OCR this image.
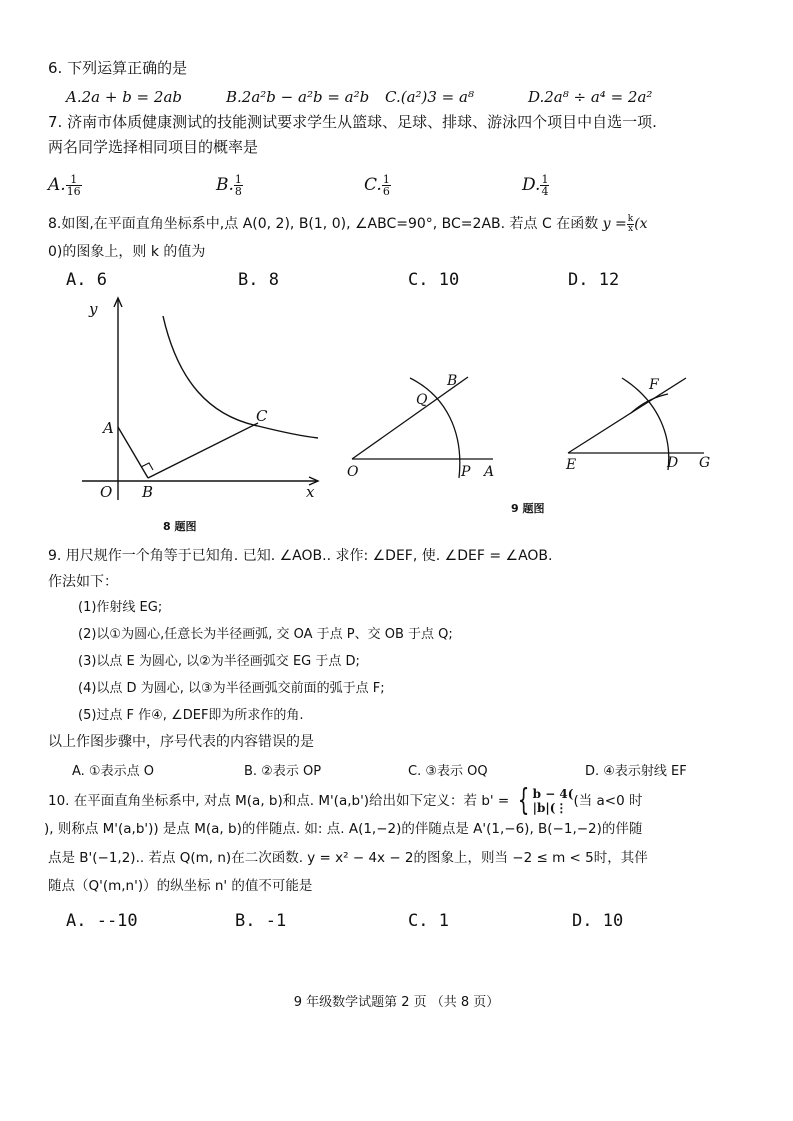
6. 下列运算正确的是
A.2a + b = 2ab	B.2a²b − a²b = a²b C.(a²)3 = a⁸	D.2a⁸ ÷ a⁴ = 2a²
7. 济南市体质健康测试的技能测试要求学生从篮球、足球、排球、游泳四个项目中自选一项.
两名同学选择相同项目的概率是
A. $\frac{1}{16}$	B. $\frac{1}{8}$	C. $\frac{1}{6}$	D. $\frac{1}{4}$
8.如图,在平面直角坐标系中,点 A(0, 2), B(1, 0), ∠ABC=90°, BC=2AB. 若点 C 在函数 $y = \frac{k}{x} (x$
0)的图象上，则 k 的值为
A. 6	B. 8	C. 10	D. 12
y
x
O
A
B
C
8 题图
O	P A
Q
B
E	D G
F
9 题图
9. 用尺规作一个角等于已知角. 已知. ∠AOB.. 求作: ∠DEF, 使. ∠DEF = ∠AOB.
作法如下：
(1)作射线 EG;
(2)以①为圆心,任意长为半径画弧, 交 OA 于点 P、交 OB 于点 Q;
(3)以点 E 为圆心, 以②为半径画弧交 EG 于点 D;
(4)以点 D 为圆心, 以③为半径画弧交前面的弧于点 F;
(5)过点 F 作④, ∠DEF即为所求作的角.
以上作图步骤中，序号代表的内容错误的是
A. ①表示点 O	B. ②表示 OP	C. ③表示 OQ	D. ④表示射线 EF
10. 在平面直角坐标系中, 对点 M(a, b)和点. M'(a,b')给出如下定义：若 b' = { b − 4(
|b|(⋮ (当 a<0 时
), 则称点 M'(a,b')) 是点 M(a, b)的伴随点. 如: 点. A(1,−2)的伴随点是 A'(1,−6), B(−1,−2)的伴随
点是 B'(−1,2).. 若点 Q(m, n)在二次函数. y = x² − 4x − 2的图象上，则当 −2 ≤ m < 5时，其伴
随点（Q'(m,n')）的纵坐标 n' 的值不可能是
A. --10	B. -1	C. 1	D. 10
9 年级数学试题第 2 页 （共 8 页）
